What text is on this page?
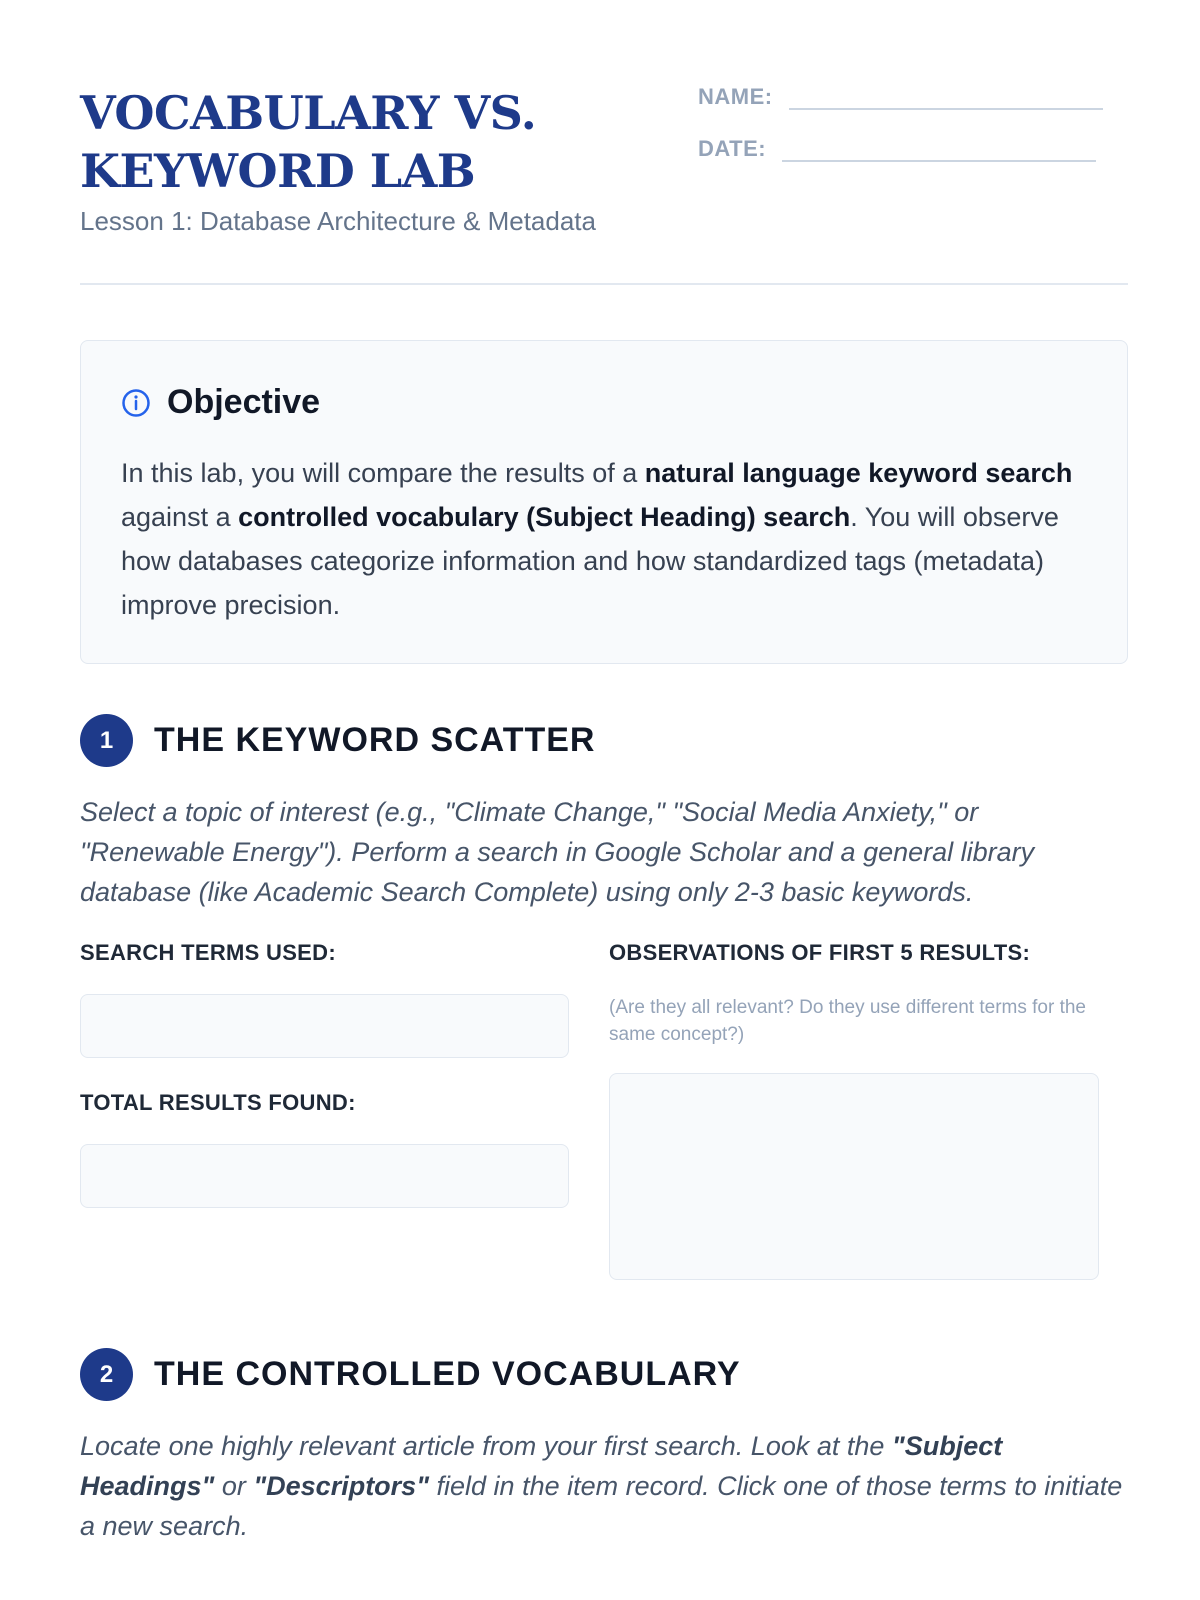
VOCABULARY VS.
KEYWORD LAB
Lesson 1: Database Architecture & Metadata
NAME:
DATE:
Objective

In this lab, you will compare the results of a natural language keyword search against a controlled vocabulary (Subject Heading) search. You will observe how databases categorize information and how standardized tags (metadata) improve precision.

1	THE KEYWORD SCATTER

Select a topic of interest (e.g., "Climate Change," "Social Media Anxiety," or "Renewable Energy"). Perform a search in Google Scholar and a general library database (like Academic Search Complete) using only 2-3 basic keywords.

SEARCH TERMS USED:
TOTAL RESULTS FOUND:
OBSERVATIONS OF FIRST 5 RESULTS:
(Are they all relevant? Do they use different terms for the same concept?)
2	THE CONTROLLED VOCABULARY

Locate one highly relevant article from your first search. Look at the "Subject Headings" or "Descriptors" field in the item record. Click one of those terms to initiate a new search.
